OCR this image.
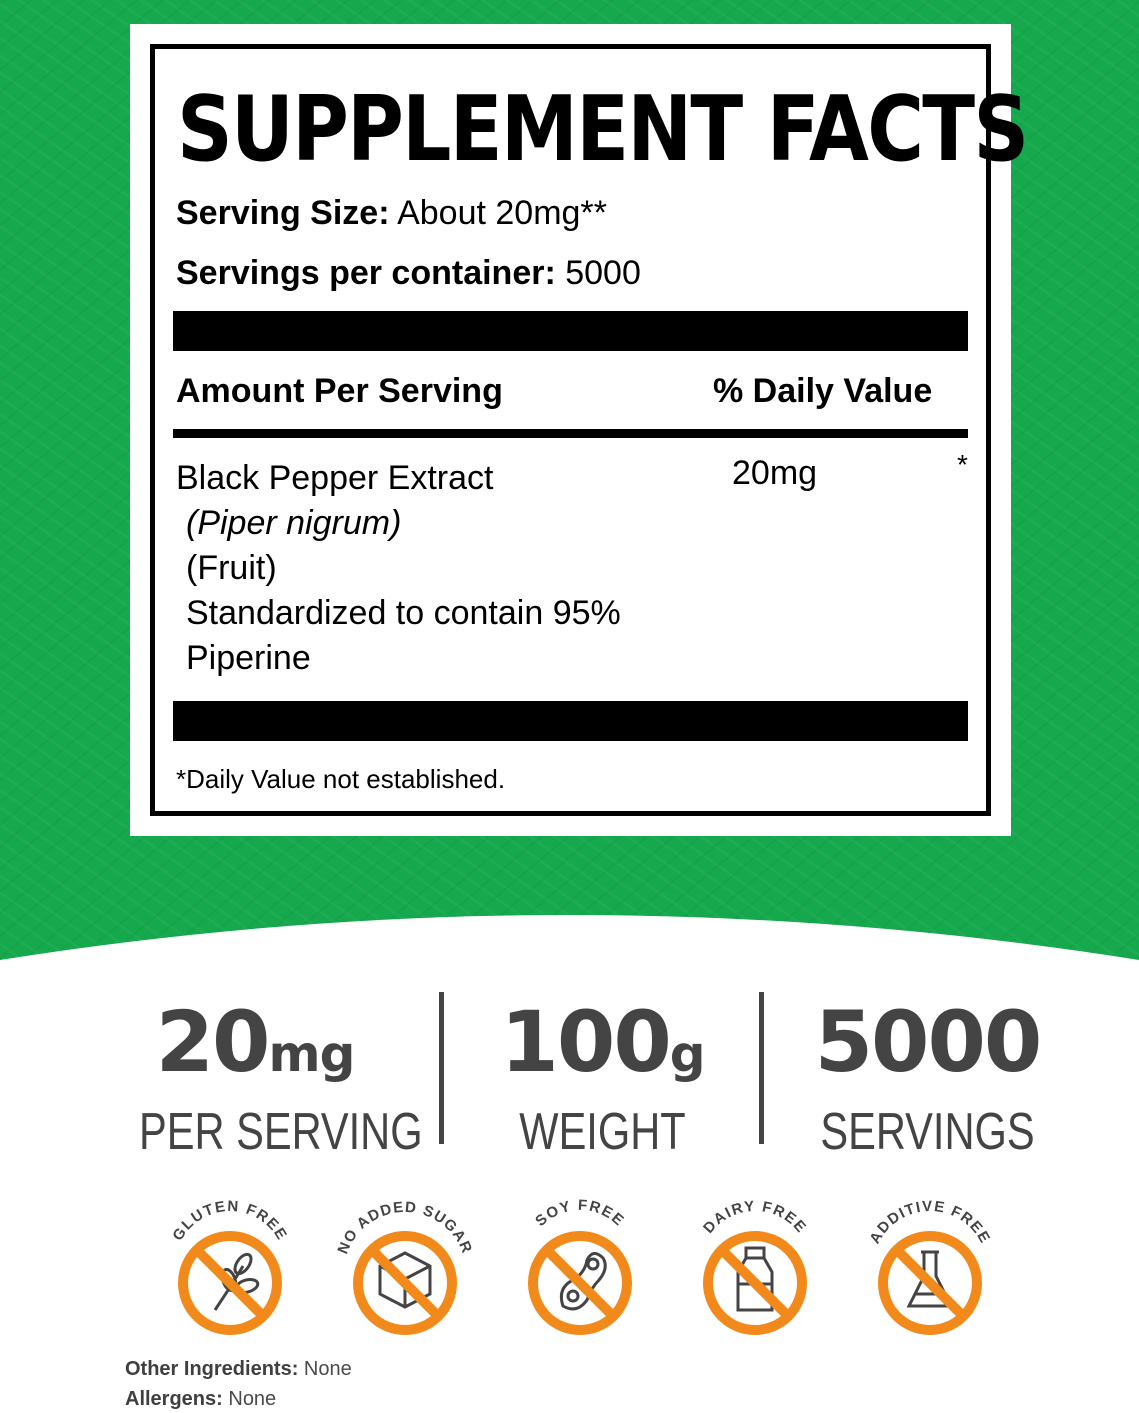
SUPPLEMENT FACTS
Serving Size: About 20mg**
Servings per container: 5000
Amount Per Serving	% Daily Value
Black Pepper Extract
(Piper nigrum)
(Fruit)
Standardized to contain 95%
Piperine
20mg	*
*Daily Value not established.
20mg
PER SERVING
100g
WEIGHT
5000
SERVINGS
GLUTEN FREE
NO ADDED SUGAR
SOY FREE	DAIRY FREE
ADDITIVE FREE
Other Ingredients: None
Allergens: None
